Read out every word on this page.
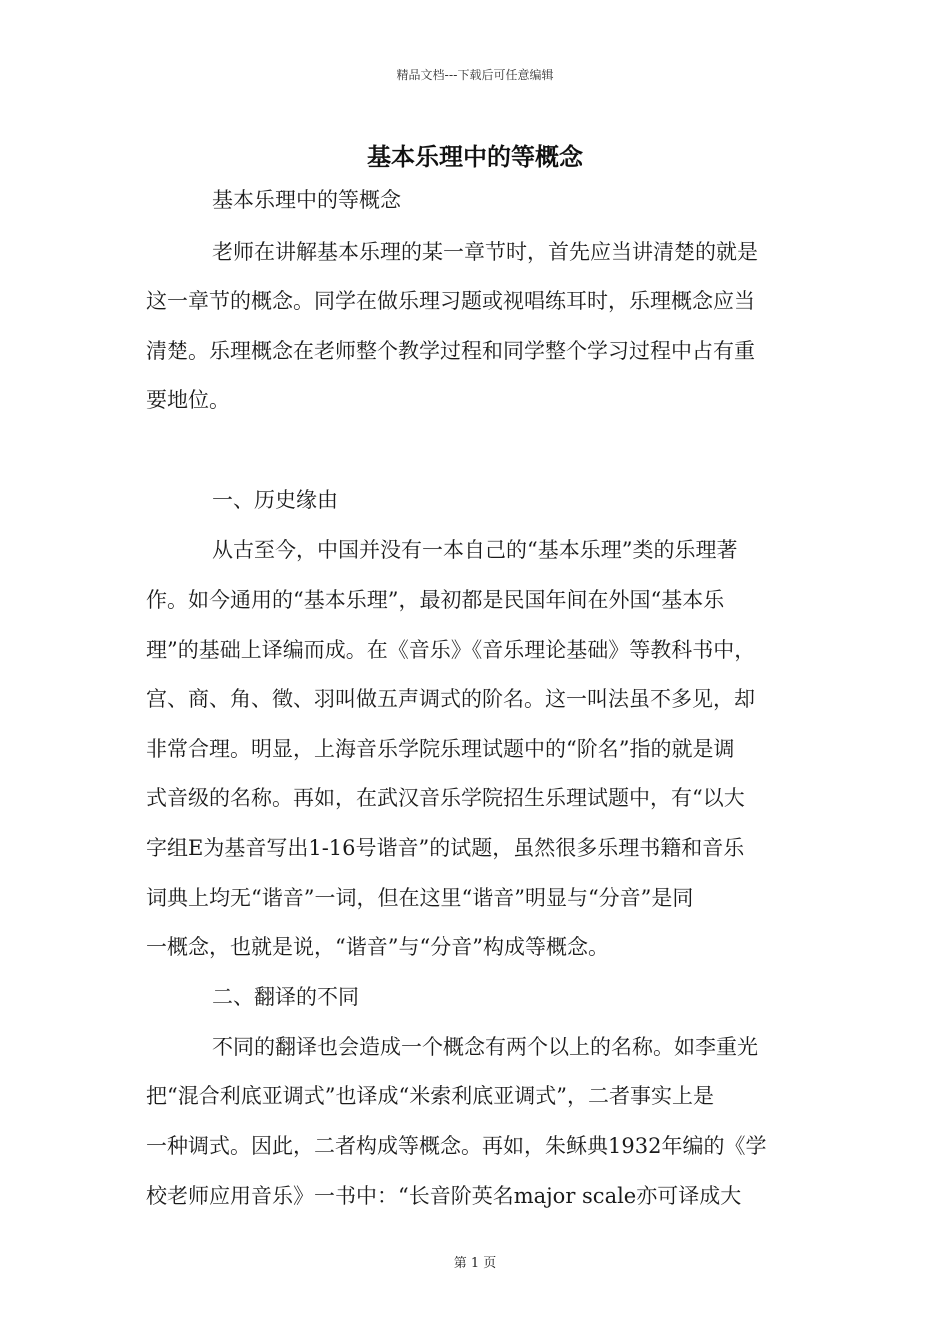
精品文档---下载后可任意编辑
基本乐理中的等概念
基本乐理中的等概念
老师在讲解基本乐理的某一章节时，首先应当讲清楚的就是
这一章节的概念。同学在做乐理习题或视唱练耳时，乐理概念应当
清楚。乐理概念在老师整个教学过程和同学整个学习过程中占有重
要地位。
一、历史缘由
从古至今，中国并没有一本自己的“基本乐理”类的乐理著
作。如今通用的“基本乐理”，最初都是民国年间在外国“基本乐
理”的基础上译编而成。在《音乐》《音乐理论基础》等教科书中，
宫、商、角、徵、羽叫做五声调式的阶名。这一叫法虽不多见，却
非常合理。明显，上海音乐学院乐理试题中的“阶名”指的就是调
式音级的名称。再如，在武汉音乐学院招生乐理试题中，有“以大
字组E为基音写出1-16号谐音”的试题，虽然很多乐理书籍和音乐
词典上均无“谐音”一词，但在这里“谐音”明显与“分音”是同
一概念，也就是说，“谐音”与“分音”构成等概念。
二、翻译的不同
不同的翻译也会造成一个概念有两个以上的名称。如李重光
把“混合利底亚调式”也译成“米索利底亚调式”，二者事实上是
一种调式。因此，二者构成等概念。再如，朱稣典1932年编的《学
校老师应用音乐》一书中：“长音阶英名major scale亦可译成大
第 1 页
